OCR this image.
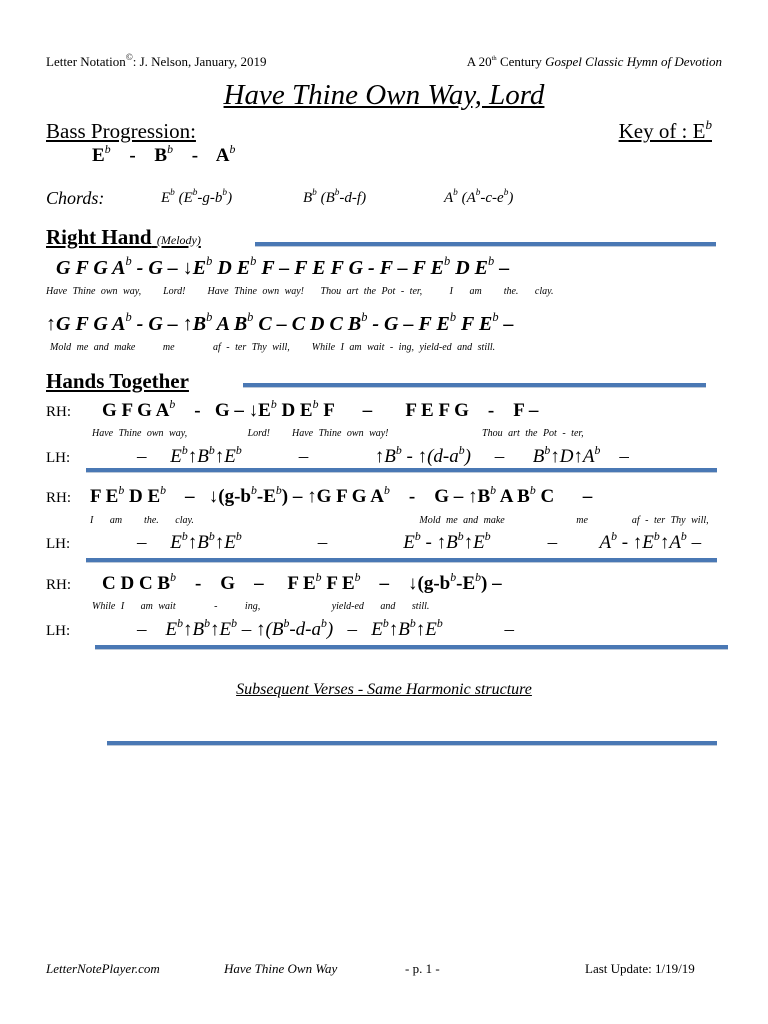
Letter Notation©: J. Nelson, January, 2019	A 20th Century Gospel Classic Hymn of Devotion
Have Thine Own Way, Lord
Bass Progression:	Key of : $E^b$
$E^b - B^b - A^b$
Chords:	$E^b$ $(E^b-g-b^b)$	$B^b$ $(B^b-d-f)$	$A^b$ $(A^b-c-e^b)$
Right Hand (Melody)
G F G $A^b$ - G – $↓E^b$ D $E^b$ F – F E F G - F – F $E^b$ D $E^b$ –
Have Thine own way,    Lord!    Have Thine own way!   Thou art the Pot - ter,     I   am    the.   clay.
↑G F G $A^b$ - G – $↑B^b$ A $B^b$ C – C D C $B^b$ - G – F $E^b$ F $E^b$ –
Mold me and make     me       af - ter Thy will,    While I am wait - ing, yield-ed and still.
Hands Together
RH: G F G $A^b$    -   G – $↓E^b$ D $E^b$ F      –       F E F G    -    F –
Have Thine own way,           Lord!    Have Thine own way!                 Thou art the Pot - ter,
LH:	–     $E^b↑B^b↑E^b$            –              $↑B^b$ - $↑(d-a^b)$     –      $B^b↑D↑A^b$    –
RH: F $E^b$ D $E^b$    –   $↓(g-b^b-E^b)$ – ↑G F G $A^b$    -    G – $↑B^b$ A $B^b$ C      –
I   am    the.   clay.                                         Mold me and make             me        af - ter Thy will,
LH:	–     $E^b↑B^b↑E^b$                –                $E^b$ - $↑B^b↑E^b$            –         $A^b$ - $↑E^b↑A^b$ –
RH: C D C $B^b$    -    G    –     F $E^b$ F $E^b$    –    $↓(g-b^b-E^b)$ –
While I   am wait       -     ing,             yield-ed   and   still.
LH:	–    $E^b↑B^b↑E^b$ – $↑(B^b-d-a^b)$   –   $E^b↑B^b↑E^b$             –
Subsequent Verses - Same Harmonic structure
LetterNotePlayer.com	Have Thine Own Way	- p. 1 -	Last Update: 1/19/19
